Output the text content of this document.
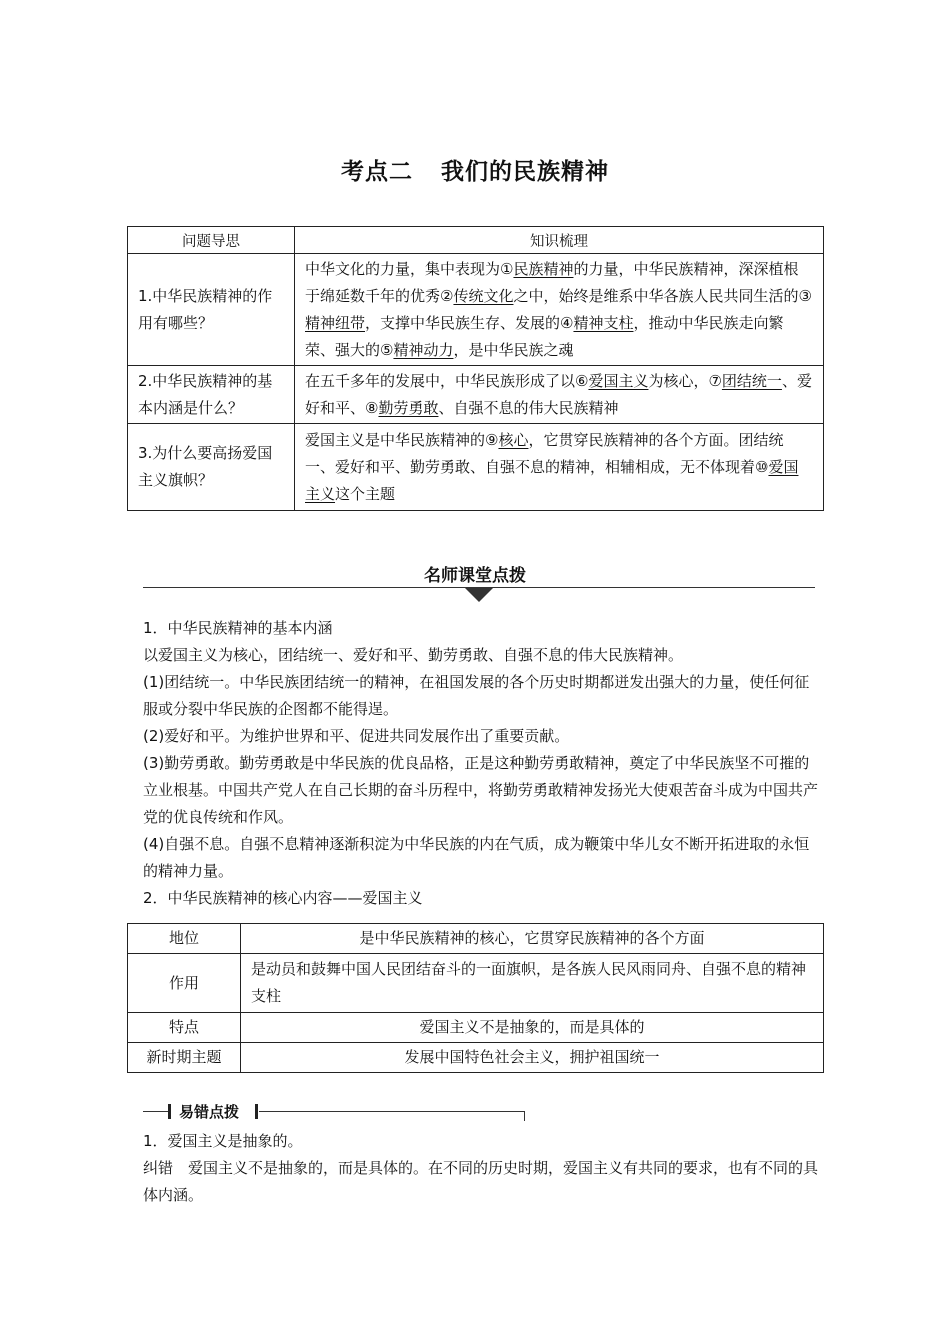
考点二 我们的民族精神
问题导思	知识梳理
1.中华民族精神的作用有哪些？	中华文化的力量，集中表现为①民族精神的力量，中华民族精神，深深植根于绵延数千年的优秀②传统文化之中，始终是维系中华各族人民共同生活的③精神纽带，支撑中华民族生存、发展的④精神支柱，推动中华民族走向繁荣、强大的⑤精神动力，是中华民族之魂
2.中华民族精神的基本内涵是什么？	在五千多年的发展中，中华民族形成了以⑥爱国主义为核心，⑦团结统一、爱好和平、⑧勤劳勇敢、自强不息的伟大民族精神
3.为什么要高扬爱国主义旗帜？	爱国主义是中华民族精神的⑨核心，它贯穿民族精神的各个方面。团结统一、爱好和平、勤劳勇敢、自强不息的精神，相辅相成，无不体现着⑩爱国主义这个主题
名师课堂点拨

1．中华民族精神的基本内涵

以爱国主义为核心，团结统一、爱好和平、勤劳勇敢、自强不息的伟大民族精神。

(1)团结统一。中华民族团结统一的精神，在祖国发展的各个历史时期都迸发出强大的力量，使任何征服或分裂中华民族的企图都不能得逞。

(2)爱好和平。为维护世界和平、促进共同发展作出了重要贡献。

(3)勤劳勇敢。勤劳勇敢是中华民族的优良品格，正是这种勤劳勇敢精神，奠定了中华民族坚不可摧的立业根基。中国共产党人在自己长期的奋斗历程中，将勤劳勇敢精神发扬光大使艰苦奋斗成为中国共产党的优良传统和作风。

(4)自强不息。自强不息精神逐渐积淀为中华民族的内在气质，成为鞭策中华儿女不断开拓进取的永恒的精神力量。

2．中华民族精神的核心内容——爱国主义

地位	是中华民族精神的核心，它贯穿民族精神的各个方面
作用	是动员和鼓舞中国人民团结奋斗的一面旗帜，是各族人民风雨同舟、自强不息的精神支柱
特点	爱国主义不是抽象的，而是具体的
新时期主题	发展中国特色社会主义，拥护祖国统一
易错点拨

1．爱国主义是抽象的。

纠错　爱国主义不是抽象的，而是具体的。在不同的历史时期，爱国主义有共同的要求，也有不同的具体内涵。
